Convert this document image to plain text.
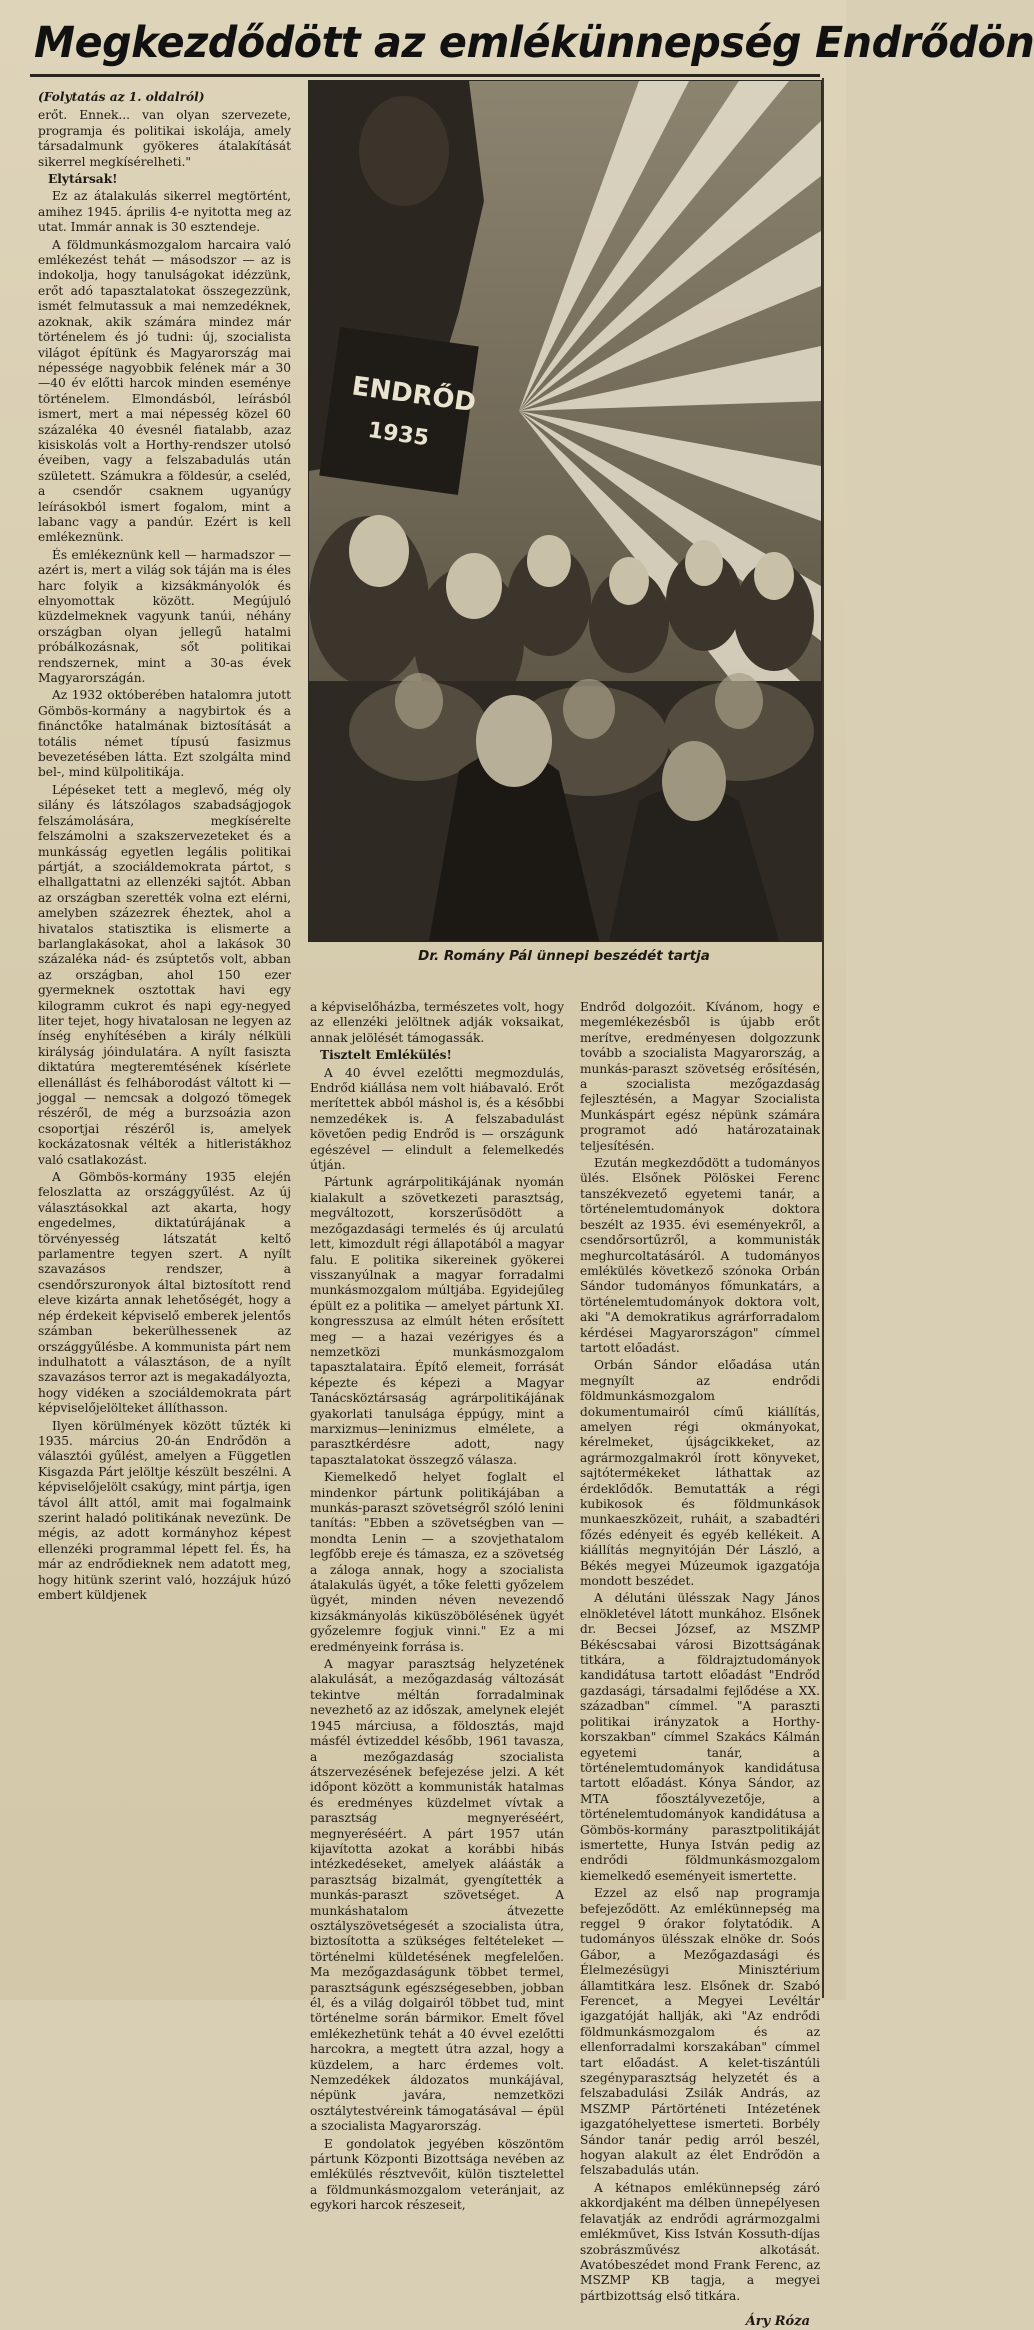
Megkezdődött az emlékünnepség Endrődön

(Folytatás az 1. oldalról)

erőt. Ennek... van olyan szervezete, programja és politikai iskolája, amely társadalmunk gyökeres átalakítását sikerrel megkísérelheti."

Elytársak!

Ez az átalakulás sikerrel megtörtént, amihez 1945. április 4-e nyitotta meg az utat. Immár annak is 30 esztendeje.

A földmunkásmozgalom harcaira való emlékezést tehát — másodszor — az is indokolja, hogy tanulságokat idézzünk, erőt adó tapasztalatokat összegezzünk, ismét felmutassuk a mai nemzedéknek, azoknak, akik számára mindez már történelem és jó tudni: új, szocialista világot építünk és Magyarország mai népessége nagyobbik felének már a 30—40 év előtti harcok minden eseménye történelem. Elmondásból, leírásból ismert, mert a mai népesség közel 60 százaléka 40 évesnél fiatalabb, azaz kisiskolás volt a Horthy-rendszer utolsó éveiben, vagy a felszabadulás után született. Számukra a földesúr, a cseléd, a csendőr csaknem ugyanúgy leírásokból ismert fogalom, mint a labanc vagy a pandúr. Ezért is kell emlékeznünk.

És emlékeznünk kell — harmadszor — azért is, mert a világ sok táján ma is éles harc folyik a kizsákmányolók és elnyomottak között. Megújuló küzdelmeknek vagyunk tanúi, néhány országban olyan jellegű hatalmi próbálkozásnak, sőt politikai rendszernek, mint a 30-as évek Magyarországán.

Az 1932 októberében hatalomra jutott Gömbös-kormány a nagybirtok és a finánctőke hatalmának biztosítását a totális német típusú fasizmus bevezetésében látta. Ezt szolgálta mind bel-, mind külpolitikája.

Lépéseket tett a meglevő, még oly silány és látszólagos szabadságjogok felszámolására, megkísérelte felszámolni a szakszervezeteket és a munkásság egyetlen legális politikai pártját, a szociáldemokrata pártot, s elhallgattatni az ellenzéki sajtót. Abban az országban szerették volna ezt elérni, amelyben százezrek éheztek, ahol a hivatalos statisztika is elismerte a barlanglakásokat, ahol a lakások 30 százaléka nád- és zsúptetős volt, abban az országban, ahol 150 ezer gyermeknek osztottak havi egy kilogramm cukrot és napi egy-negyed liter tejet, hogy hivatalosan ne legyen az ínség enyhítésében a király nélküli királyság jóindulatára. A nyílt fasiszta diktatúra megteremtésének kísérlete ellenállást és felháborodást váltott ki — joggal — nemcsak a dolgozó tömegek részéről, de még a burzsoázia azon csoportjai részéről is, amelyek kockázatosnak vélték a hitleristákhoz való csatlakozást.

A Gömbös-kormány 1935 elején feloszlatta az országgyűlést. Az új választásokkal azt akarta, hogy engedelmes, diktatúrájának a törvényesség látszatát keltő parlamentre tegyen szert. A nyílt szavazásos rendszer, a csendőrszuronyok által biztosított rend eleve kizárta annak lehetőségét, hogy a nép érdekeit képviselő emberek jelentős számban bekerülhessenek az országgyűlésbe. A kommunista párt nem indulhatott a választáson, de a nyílt szavazásos terror azt is megakadályozta, hogy vidéken a szociáldemokrata párt képviselőjelölteket állíthasson.

Ilyen körülmények között tűzték ki 1935. március 20-án Endrődön a választói gyűlést, amelyen a Független Kisgazda Párt jelöltje készült beszélni. A képviselőjelölt csakúgy, mint pártja, igen távol állt attól, amit mai fogalmaink szerint haladó politikának nevezünk. De mégis, az adott kormányhoz képest ellenzéki programmal lépett fel. És, ha már az endrődieknek nem adatott meg, hogy hitünk szerint való, hozzájuk húzó embert küldjenek

ENDRŐD
1935
Dr. Romány Pál ünnepi beszédét tartja

a képviselőházba, természetes volt, hogy az ellenzéki jelöltnek adják voksaikat, annak jelölését támogassák.

Tisztelt Emlékülés!

A 40 évvel ezelőtti megmozdulás, Endrőd kiállása nem volt hiábavaló. Erőt merítettek abból máshol is, és a későbbi nemzedékek is. A felszabadulást követően pedig Endrőd is — országunk egészével — elindult a felemelkedés útján.

Pártunk agrárpolitikájának nyomán kialakult a szövetkezeti parasztság, megváltozott, korszerűsödött a mezőgazdasági termelés és új arculatú lett, kimozdult régi állapotából a magyar falu. E politika sikereinek gyökerei visszanyúlnak a magyar forradalmi munkásmozgalom múltjába. Egyidejűleg épült ez a politika — amelyet pártunk XI. kongresszusa az elmúlt héten erősített meg — a hazai vezérigyes és a nemzetközi munkásmozgalom tapasztalataira. Építő elemeit, forrását képezte és képezi a Magyar Tanácsköztársaság agrárpolitikájának gyakorlati tanulsága éppúgy, mint a marxizmus—leninizmus elmélete, a parasztkérdésre adott, nagy tapasztalatokat összegző válasza.

Kiemelkedő helyet foglalt el mindenkor pártunk politikájában a munkás-paraszt szövetségről szóló lenini tanítás: "Ebben a szövetségben van — mondta Lenin — a szovjethatalom legfőbb ereje és támasza, ez a szövetség a záloga annak, hogy a szocialista átalakulás ügyét, a tőke feletti győzelem ügyét, minden néven nevezendő kizsákmányolás kiküszöbölésének ügyét győzelemre fogjuk vinni." Ez a mi eredményeink forrása is.

A magyar parasztság helyzetének alakulását, a mezőgazdaság változását tekintve méltán forradalminak nevezhető az az időszak, amelynek elejét 1945 márciusa, a földosztás, majd másfél évtizeddel később, 1961 tavasza, a mezőgazdaság szocialista átszervezésének befejezése jelzi. A két időpont között a kommunisták hatalmas és eredményes küzdelmet vívtak a parasztság megnyeréséért, megnyeréséért. A párt 1957 után kijavította azokat a korábbi hibás intézkedéseket, amelyek aláásták a parasztság bizalmát, gyengítették a munkás-paraszt szövetséget. A munkáshatalom átvezette osztályszövetségesét a szocialista útra, biztosította a szükséges feltételeket — történelmi küldetésének megfelelően. Ma mezőgazdaságunk többet termel, parasztságunk egészségesebben, jobban él, és a világ dolgairól többet tud, mint történelme során bármikor. Emelt fővel emlékezhetünk tehát a 40 évvel ezelőtti harcokra, a megtett útra azzal, hogy a küzdelem, a harc érdemes volt. Nemzedékek áldozatos munkájával, népünk javára, nemzetközi osztálytestvéreink támogatásával — épül a szocialista Magyarország.

E gondolatok jegyében köszöntöm pártunk Központi Bizottsága nevében az emlékülés résztvevőit, külön tisztelettel a földmunkásmozgalom veteránjait, az egykori harcok részeseit,

Endrőd dolgozóit. Kívánom, hogy e megemlékezésből is újabb erőt merítve, eredményesen dolgozzunk tovább a szocialista Magyarország, a munkás-paraszt szövetség erősítésén, a szocialista mezőgazdaság fejlesztésén, a Magyar Szocialista Munkáspárt egész népünk számára programot adó határozatainak teljesítésén.

Ezután megkezdődött a tudományos ülés. Elsőnek Pölöskei Ferenc tanszékvezető egyetemi tanár, a történelemtudományok doktora beszélt az 1935. évi eseményekről, a csendőrsortűzről, a kommunisták meghurcoltatásáról. A tudományos emlékülés következő szónoka Orbán Sándor tudományos főmunkatárs, a történelemtudományok doktora volt, aki "A demokratikus agrárforradalom kérdései Magyarországon" címmel tartott előadást.

Orbán Sándor előadása után megnyílt az endrődi földmunkásmozgalom dokumentumairól című kiállítás, amelyen régi okmányokat, kérelmeket, újságcikkeket, az agrármozgalmakról írott könyveket, sajtótermékeket láthattak az érdeklődők. Bemutatták a régi kubikosok és földmunkások munkaeszközeit, ruháit, a szabadtéri főzés edényeit és egyéb kellékeit. A kiállítás megnyitóján Dér László, a Békés megyei Múzeumok igazgatója mondott beszédet.

A délutáni ülésszak Nagy János elnökletével látott munkához. Elsőnek dr. Becsei József, az MSZMP Békéscsabai városi Bizottságának titkára, a földrajztudományok kandidátusa tartott előadást "Endrőd gazdasági, társadalmi fejlődése a XX. században" címmel. "A paraszti politikai irányzatok a Horthy-korszakban" címmel Szakács Kálmán egyetemi tanár, a történelemtudományok kandidátusa tartott előadást. Kónya Sándor, az MTA főosztályvezetője, a történelemtudományok kandidátusa a Gömbös-kormány parasztpolitikáját ismertette, Hunya István pedig az endrődi földmunkásmozgalom kiemelkedő eseményeit ismertette.

Ezzel az első nap programja befejeződött. Az emlékünnepség ma reggel 9 órakor folytatódik. A tudományos ülésszak elnöke dr. Soós Gábor, a Mezőgazdasági és Élelmezésügyi Minisztérium államtitkára lesz. Elsőnek dr. Szabó Ferencet, a Megyei Levéltár igazgatóját hallják, aki "Az endrődi földmunkásmozgalom és az ellenforradalmi korszakában" címmel tart előadást. A kelet-tiszántúli szegényparasztság helyzetét és a felszabadulási Zsilák András, az MSZMP Pártörténeti Intézetének igazgatóhelyettese ismerteti. Borbély Sándor tanár pedig arról beszél, hogyan alakult az élet Endrődön a felszabadulás után.

A kétnapos emlékünnepség záró akkordjaként ma délben ünnepélyesen felavatják az endrődi agrármozgalmi emlékművet, Kiss István Kossuth-díjas szobrászművész alkotását. Avatóbeszédet mond Frank Ferenc, az MSZMP KB tagja, a megyei pártbizottság első titkára.

Áry Róza
